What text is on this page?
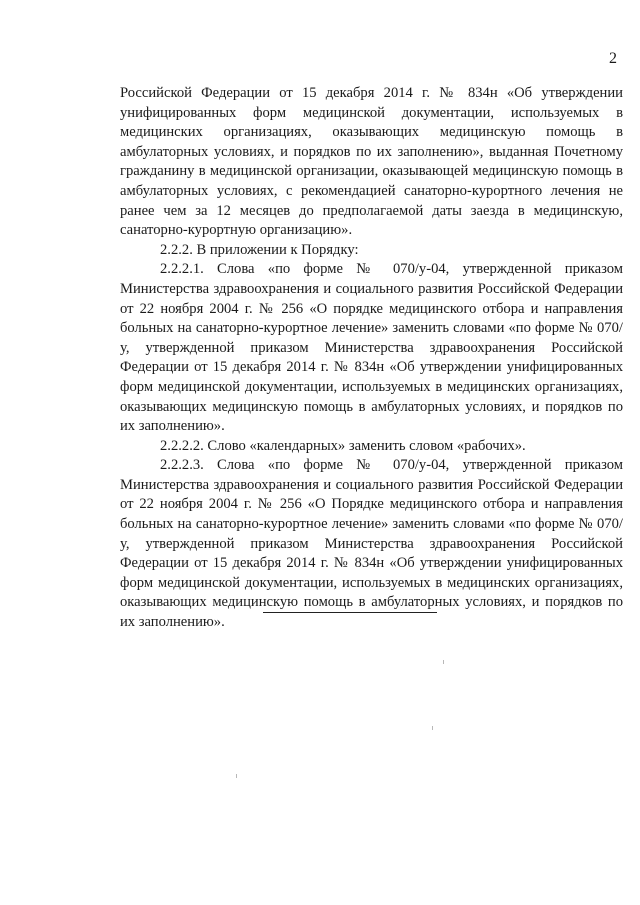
2

Российской Федерации от 15 декабря 2014 г. № 834н «Об утверждении унифицированных форм медицинской документации, используемых в медицинских организациях, оказывающих медицинскую помощь в амбулаторных условиях, и порядков по их заполнению», выданная Почетному гражданину в медицинской организации, оказывающей медицинскую помощь в амбулаторных условиях, с рекомендацией санаторно-курортного лечения не ранее чем за 12 месяцев до предполагаемой даты заезда в медицинскую, санаторно-курортную организацию».

2.2.2. В приложении к Порядку:

2.2.2.1. Слова «по форме № 070/у-04, утвержденной приказом Министерства здравоохранения и социального развития Российской Федерации от 22 ноября 2004 г. № 256 «О порядке медицинского отбора и направления больных на санаторно-курортное лечение» заменить словами «по форме № 070/у, утвержденной приказом Министерства здравоохранения Российской Федерации от 15 декабря 2014 г. № 834н «Об утверждении унифицированных форм медицинской документации, используемых в медицинских организациях, оказывающих медицинскую помощь в амбулаторных условиях, и порядков по их заполнению».

2.2.2.2. Слово «календарных» заменить словом «рабочих».

2.2.2.3. Слова «по форме № 070/у-04, утвержденной приказом Министерства здравоохранения и социального развития Российской Федерации от 22 ноября 2004 г. № 256 «О Порядке медицинского отбора и направления больных на санаторно-курортное лечение» заменить словами «по форме № 070/у, утвержденной приказом Министерства здравоохранения Российской Федерации от 15 декабря 2014 г. № 834н «Об утверждении унифицированных форм медицинской документации, используемых в медицинских организациях, оказывающих медицинскую помощь в амбулаторных условиях, и порядков по их заполнению».
